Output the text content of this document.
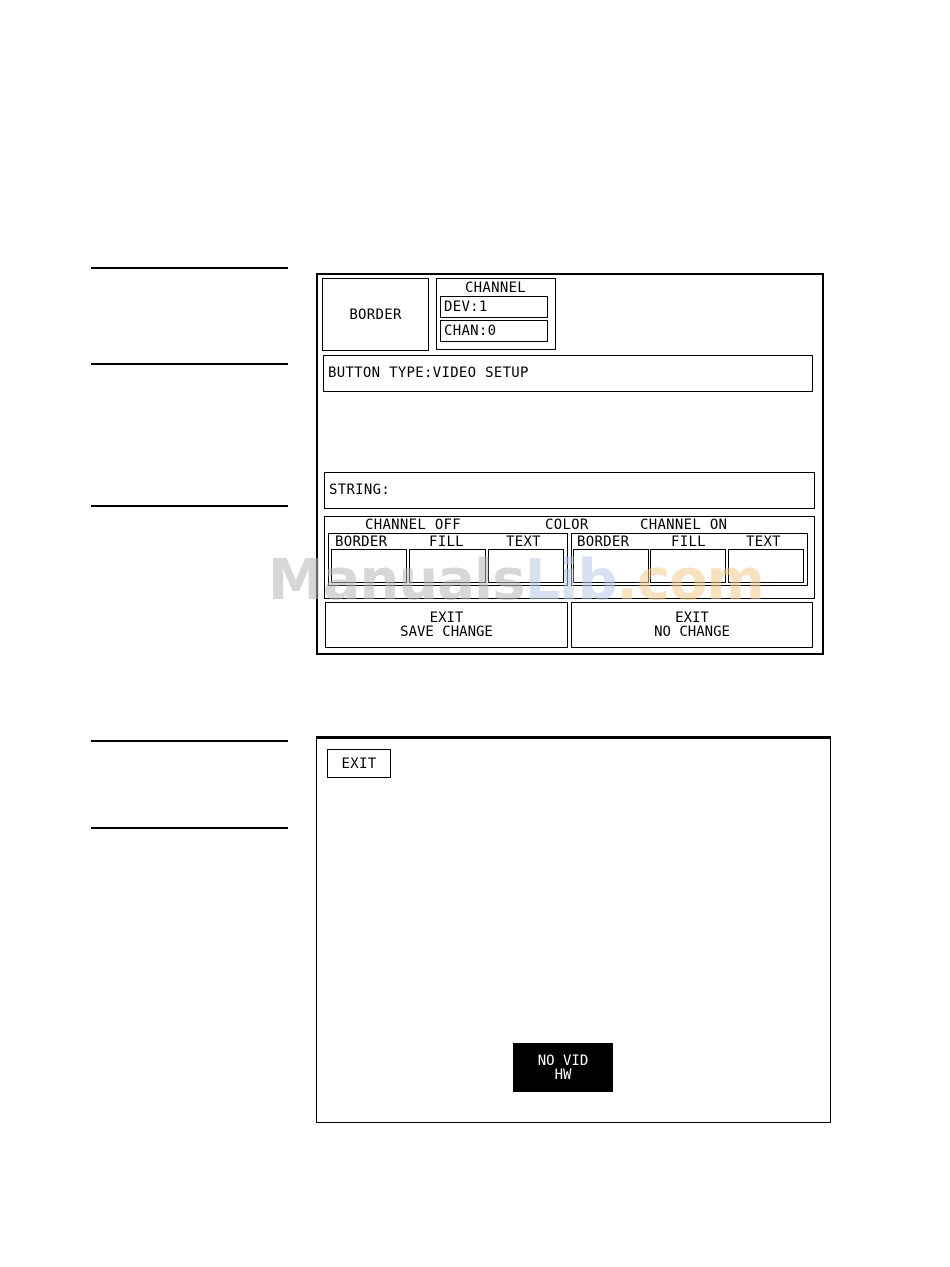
BORDER
CHANNEL
DEV:1
CHAN:0
BUTTON TYPE:VIDEO SETUP
STRING:
CHANNEL OFF	COLOR	CHANNEL ON
BORDER	FILL	TEXT	BORDER	FILL	TEXT
EXIT
SAVE CHANGE
EXIT
NO CHANGE
ManualsLib.com
EXIT
NO VID
HW
